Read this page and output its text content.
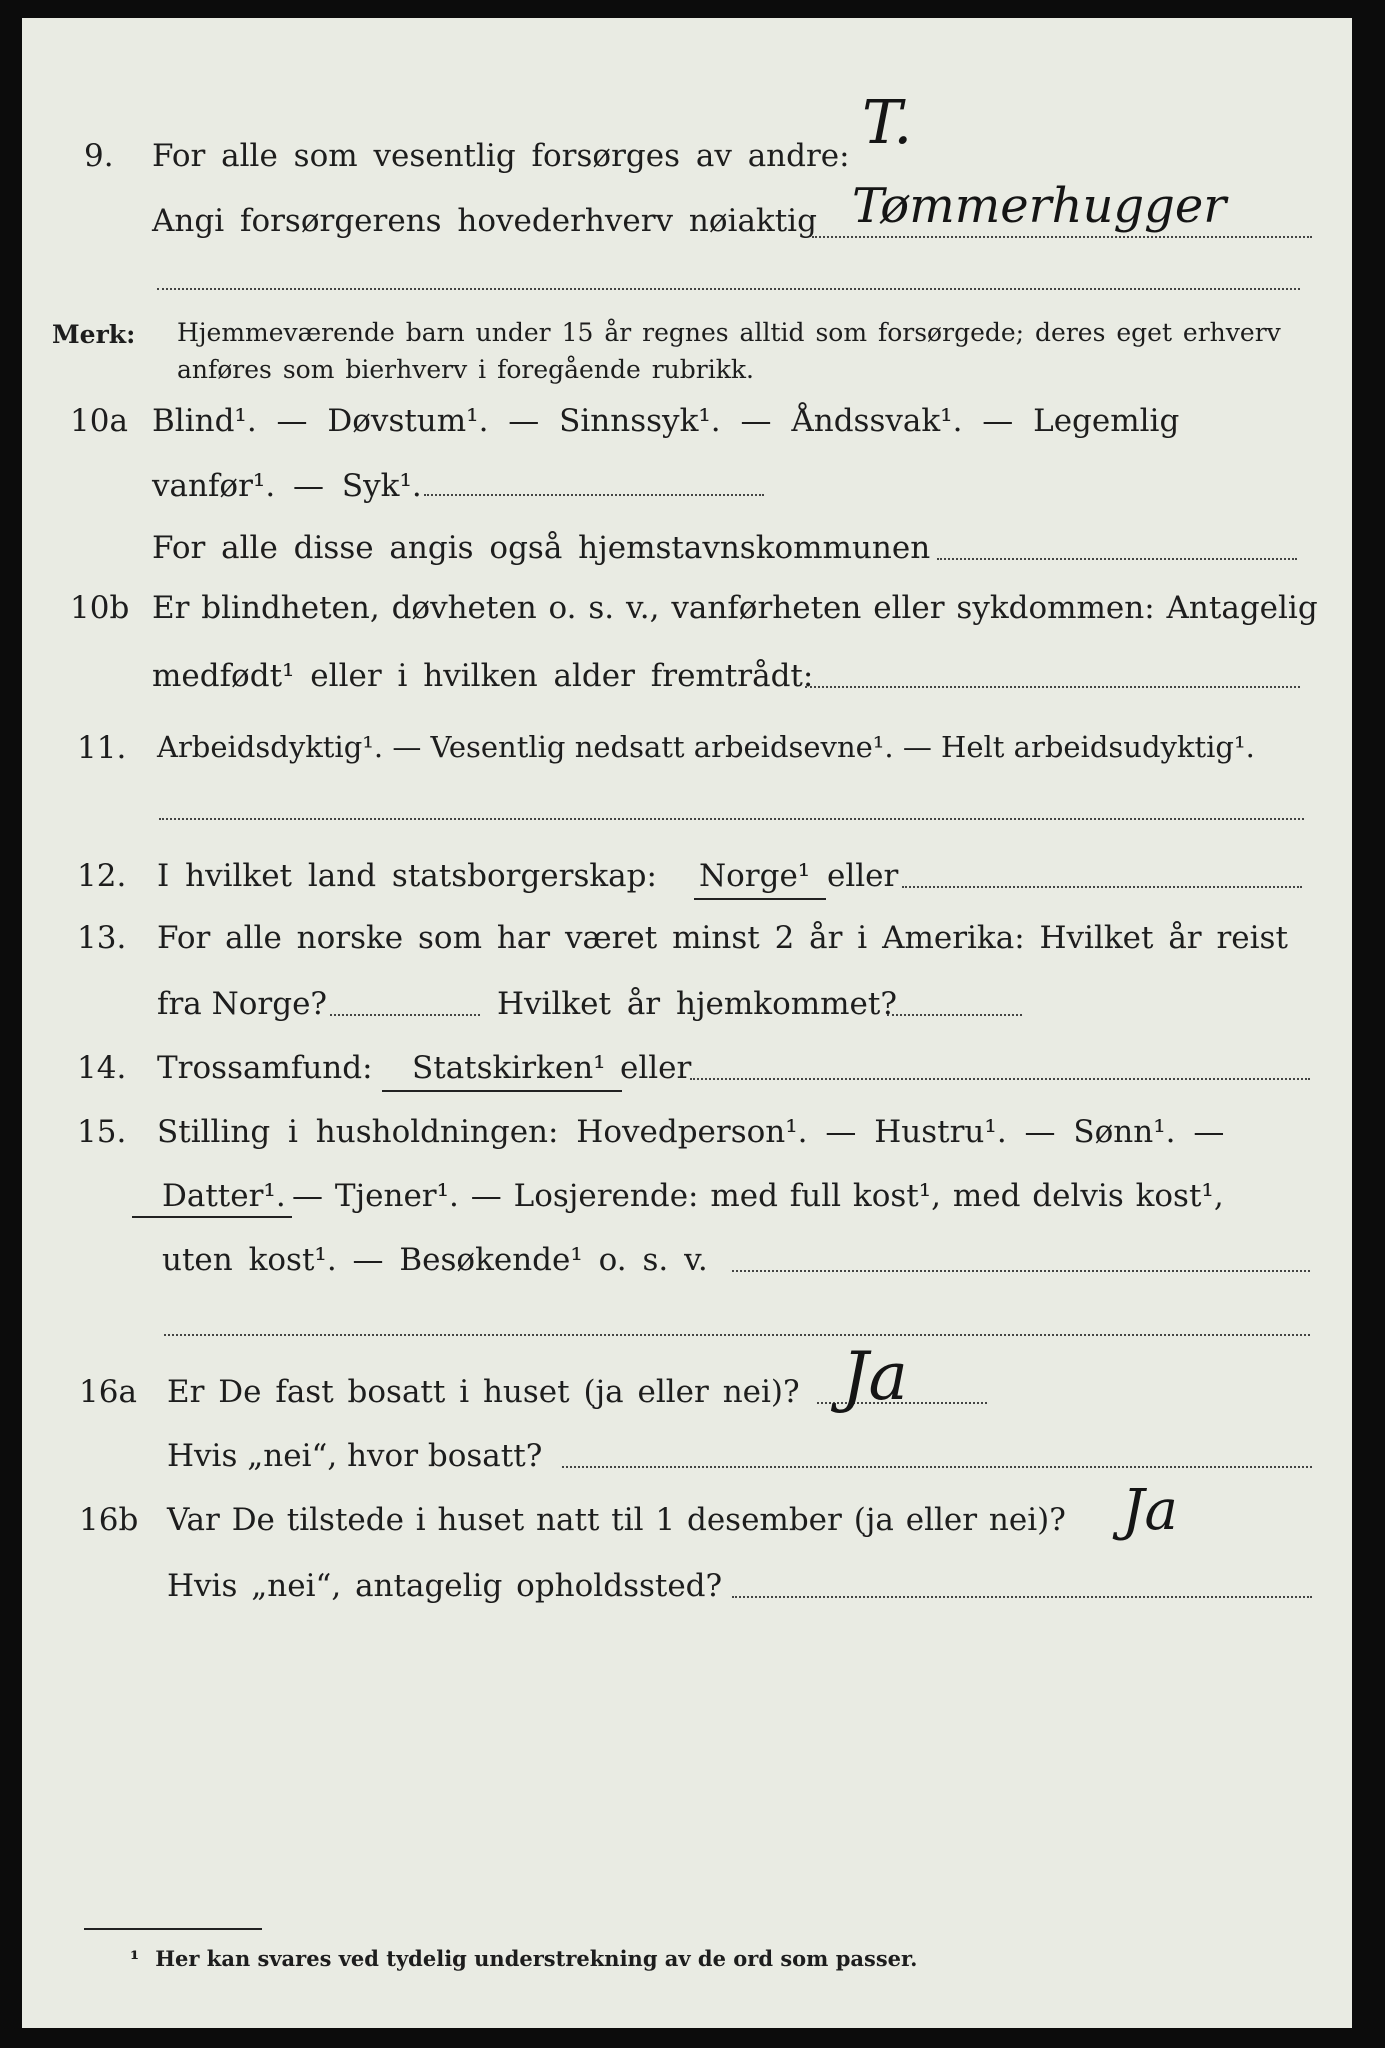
9. For alle som vesentlig forsørges av andre: T.
Angi forsørgerens hovederhverv nøiaktig Tømmerhugger
Merk: Hjemmeværende barn under 15 år regnes alltid som forsørgede; deres eget erhverv
anføres som bierhverv i foregående rubrikk.
10a Blind¹. — Døvstum¹. — Sinnssyk¹. — Åndssvak¹. — Legemlig
vanfør¹. — Syk¹.
For alle disse angis også hjemstavnskommunen
10b Er blindheten, døvheten o. s. v., vanførheten eller sykdommen: Antagelig
medfødt¹ eller i hvilken alder fremtrådt:
11. Arbeidsdyktig¹. — Vesentlig nedsatt arbeidsevne¹. — Helt arbeidsudyktig¹.
12. I hvilket land statsborgerskap: Norge¹ eller
13. For alle norske som har været minst 2 år i Amerika: Hvilket år reist
fra Norge?	Hvilket år hjemkommet?
14. Trossamfund: Statskirken¹ eller
15. Stilling i husholdningen: Hovedperson¹. — Hustru¹. — Sønn¹. —
Datter¹. — Tjener¹. — Losjerende: med full kost¹, med delvis kost¹,
uten kost¹. — Besøkende¹ o. s. v.
16a Er De fast bosatt i huset (ja eller nei)? Ja
Hvis „nei“, hvor bosatt?
16b Var De tilstede i huset natt til 1 desember (ja eller nei)? Ja
Hvis „nei“, antagelig opholdssted?
¹ Her kan svares ved tydelig understrekning av de ord som passer.
